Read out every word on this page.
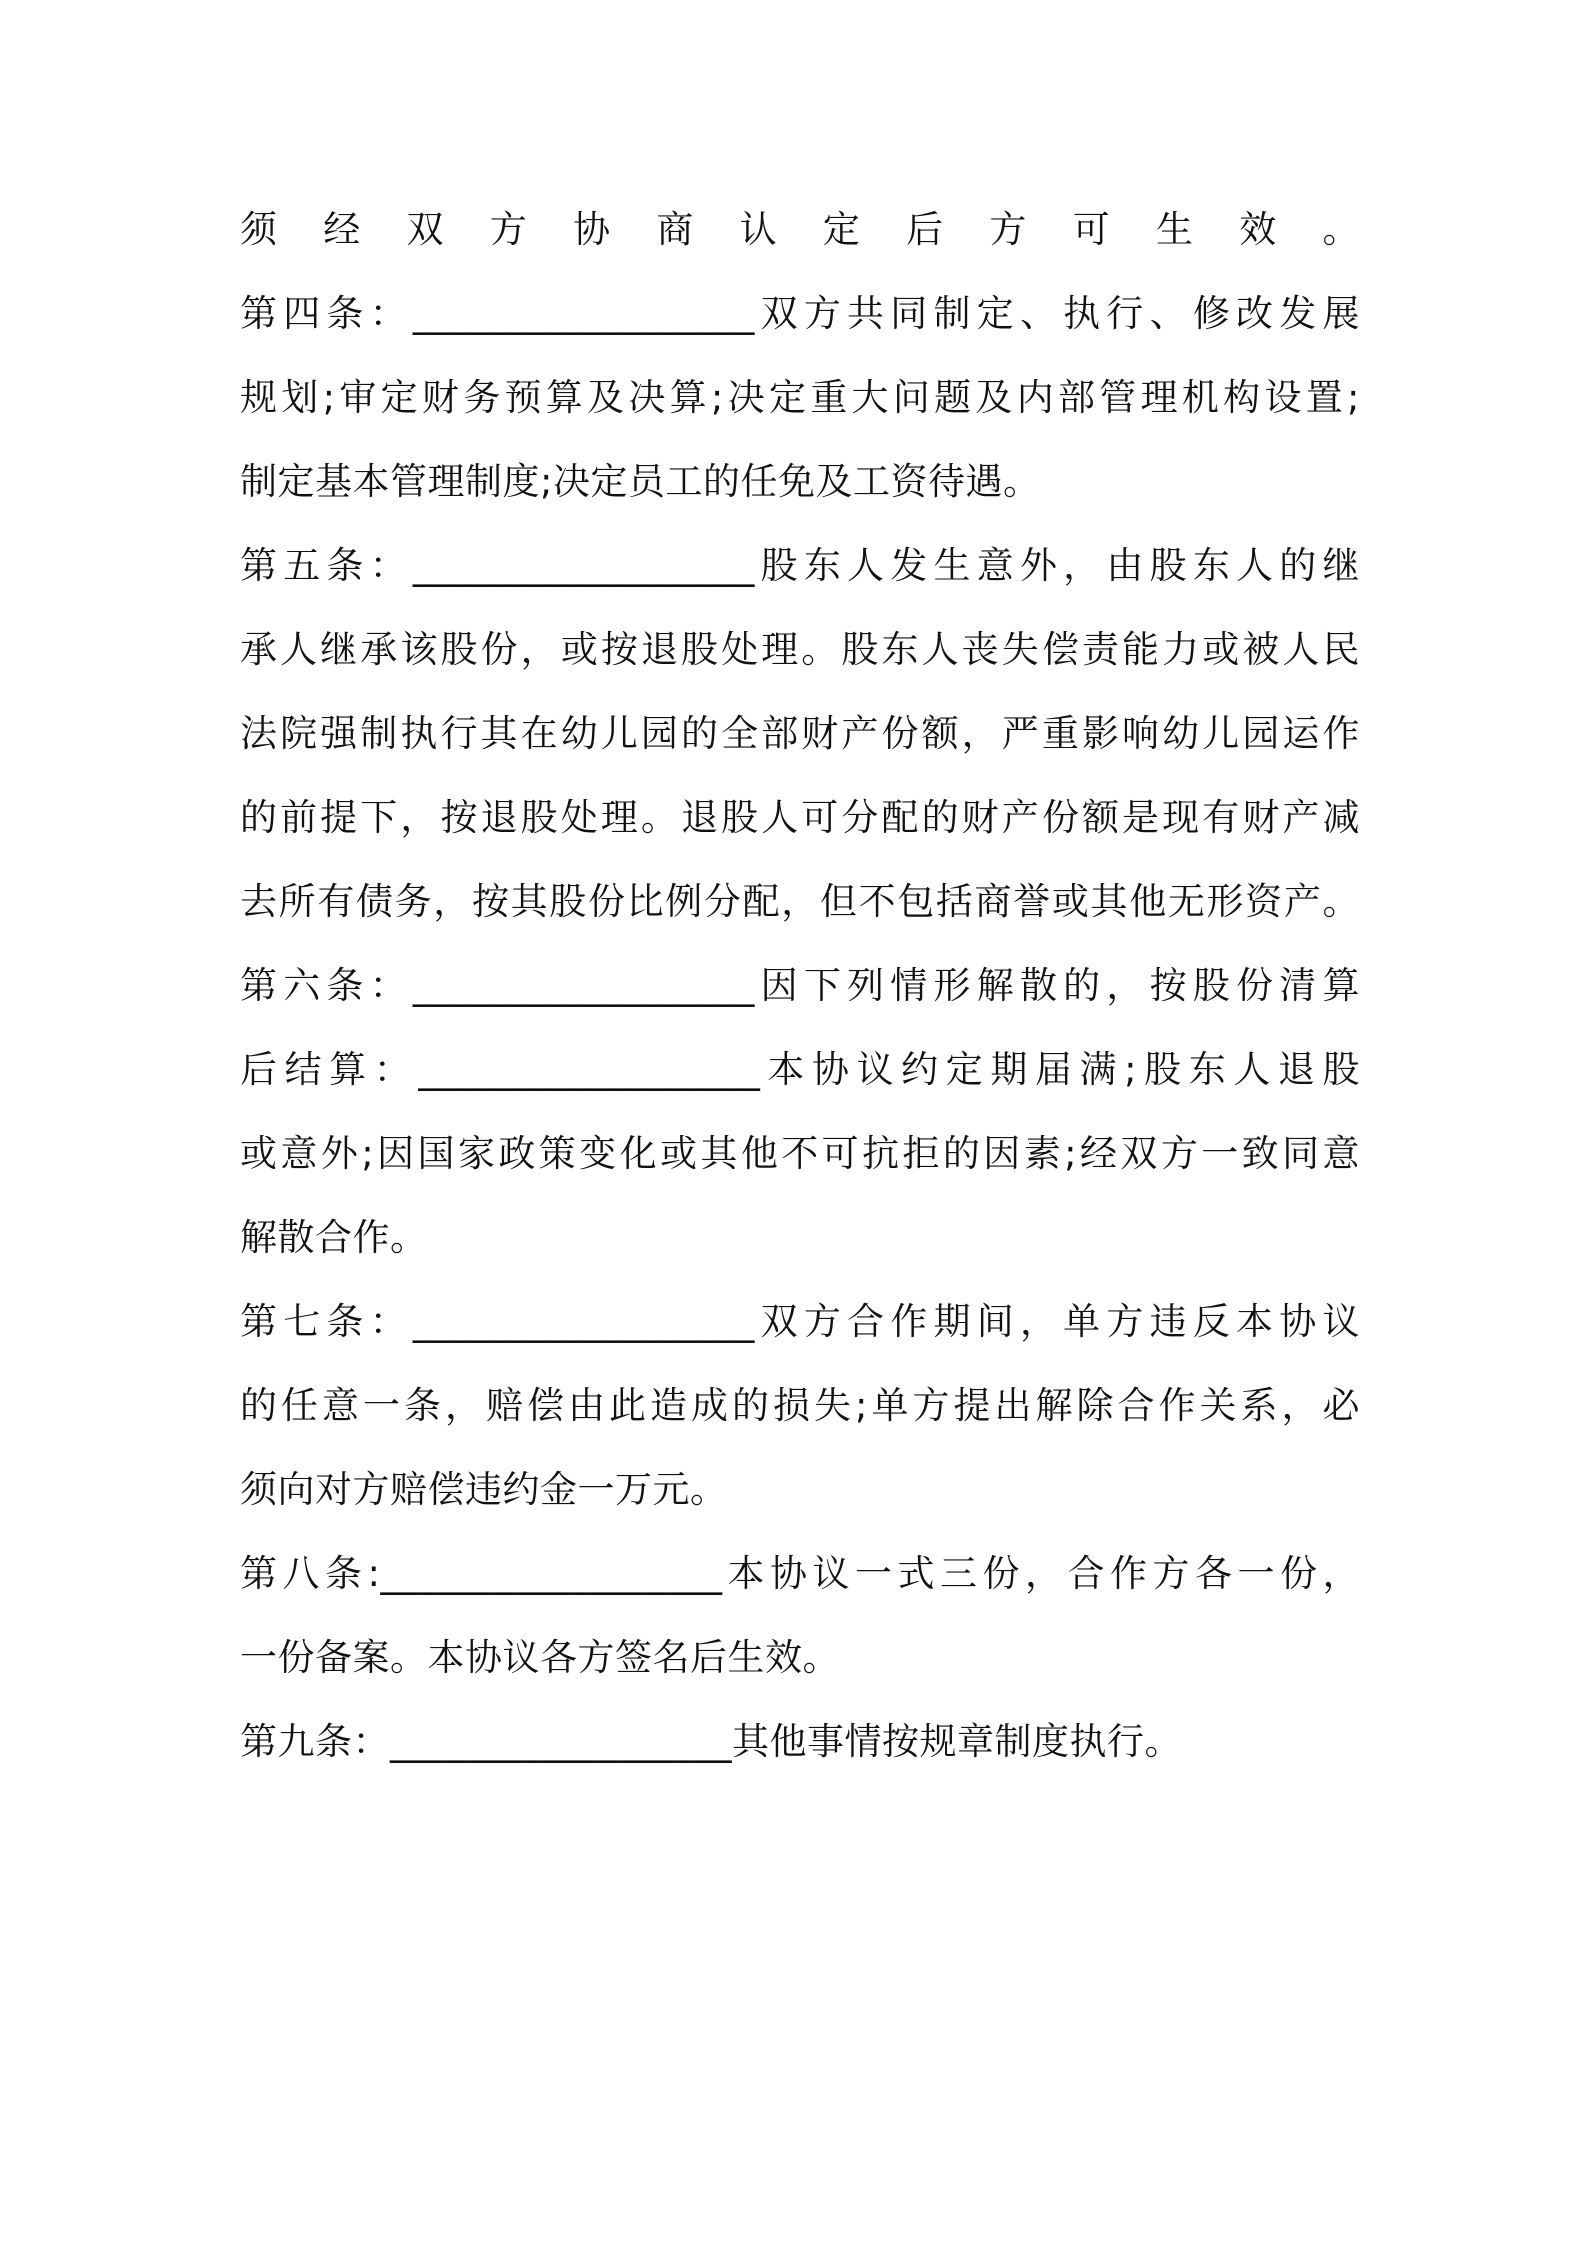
须经双方协商认定后方可生效。
第四条：__________________双方共同制定、执行、修改发展
规划;审定财务预算及决算;决定重大问题及内部管理机构设置;
制定基本管理制度;决定员工的任免及工资待遇。
第五条：__________________股东人发生意外，由股东人的继
承人继承该股份，或按退股处理。股东人丧失偿责能力或被人民
法院强制执行其在幼儿园的全部财产份额，严重影响幼儿园运作
的前提下，按退股处理。退股人可分配的财产份额是现有财产减
去所有债务，按其股份比例分配，但不包括商誉或其他无形资产。
第六条：__________________因下列情形解散的，按股份清算
后结算：__________________本协议约定期届满;股东人退股
或意外;因国家政策变化或其他不可抗拒的因素;经双方一致同意
解散合作。
第七条：__________________双方合作期间，单方违反本协议
的任意一条，赔偿由此造成的损失;单方提出解除合作关系，必
须向对方赔偿违约金一万元。
第八条:__________________本协议一式三份，合作方各一份，
一份备案。本协议各方签名后生效。
第九条：__________________其他事情按规章制度执行。
